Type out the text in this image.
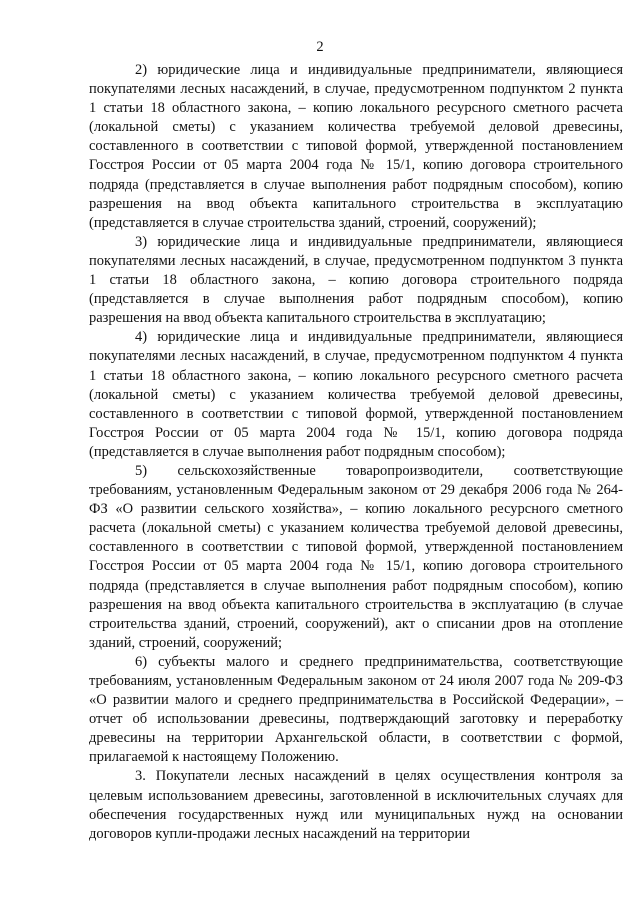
2

2) юридические лица и индивидуальные предприниматели, являющиеся покупателями лесных насаждений, в случае, предусмотренном подпунктом 2 пункта 1 статьи 18 областного закона, – копию локального ресурсного сметного расчета (локальной сметы) с указанием количества требуемой деловой древесины, составленного в соответствии с типовой формой, утвержденной постановлением Госстроя России от 05 марта 2004 года № 15/1, копию договора строительного подряда (представляется в случае выполнения работ подрядным способом), копию разрешения на ввод объекта капитального строительства в эксплуатацию (представляется в случае строительства зданий, строений, сооружений);

3) юридические лица и индивидуальные предприниматели, являющиеся покупателями лесных насаждений, в случае, предусмотренном подпунктом 3 пункта 1 статьи 18 областного закона, – копию договора строительного подряда (представляется в случае выполнения работ подрядным способом), копию разрешения на ввод объекта капитального строительства в эксплуатацию;

4) юридические лица и индивидуальные предприниматели, являющиеся покупателями лесных насаждений, в случае, предусмотренном подпунктом 4 пункта 1 статьи 18 областного закона, – копию локального ресурсного сметного расчета (локальной сметы) с указанием количества требуемой деловой древесины, составленного в соответствии с типовой формой, утвержденной постановлением Госстроя России от 05 марта 2004 года № 15/1, копию договора подряда (представляется в случае выполнения работ подрядным способом);

5) сельскохозяйственные товаропроизводители, соответствующие требованиям, установленным Федеральным законом от 29 декабря 2006 года № 264-ФЗ «О развитии сельского хозяйства», – копию локального ресурсного сметного расчета (локальной сметы) с указанием количества требуемой деловой древесины, составленного в соответствии с типовой формой, утвержденной постановлением Госстроя России от 05 марта 2004 года № 15/1, копию договора строительного подряда (представляется в случае выполнения работ подрядным способом), копию разрешения на ввод объекта капитального строительства в эксплуатацию (в случае строительства зданий, строений, сооружений), акт о списании дров на отопление зданий, строений, сооружений;

6) субъекты малого и среднего предпринимательства, соответствующие требованиям, установленным Федеральным законом от 24 июля 2007 года № 209-ФЗ «О развитии малого и среднего предпринимательства в Российской Федерации», – отчет об использовании древесины, подтверждающий заготовку и переработку древесины на территории Архангельской области, в соответствии с формой, прилагаемой к настоящему Положению.

3. Покупатели лесных насаждений в целях осуществления контроля за целевым использованием древесины, заготовленной в исключительных случаях для обеспечения государственных нужд или муниципальных нужд на основании договоров купли-продажи лесных насаждений на территории
